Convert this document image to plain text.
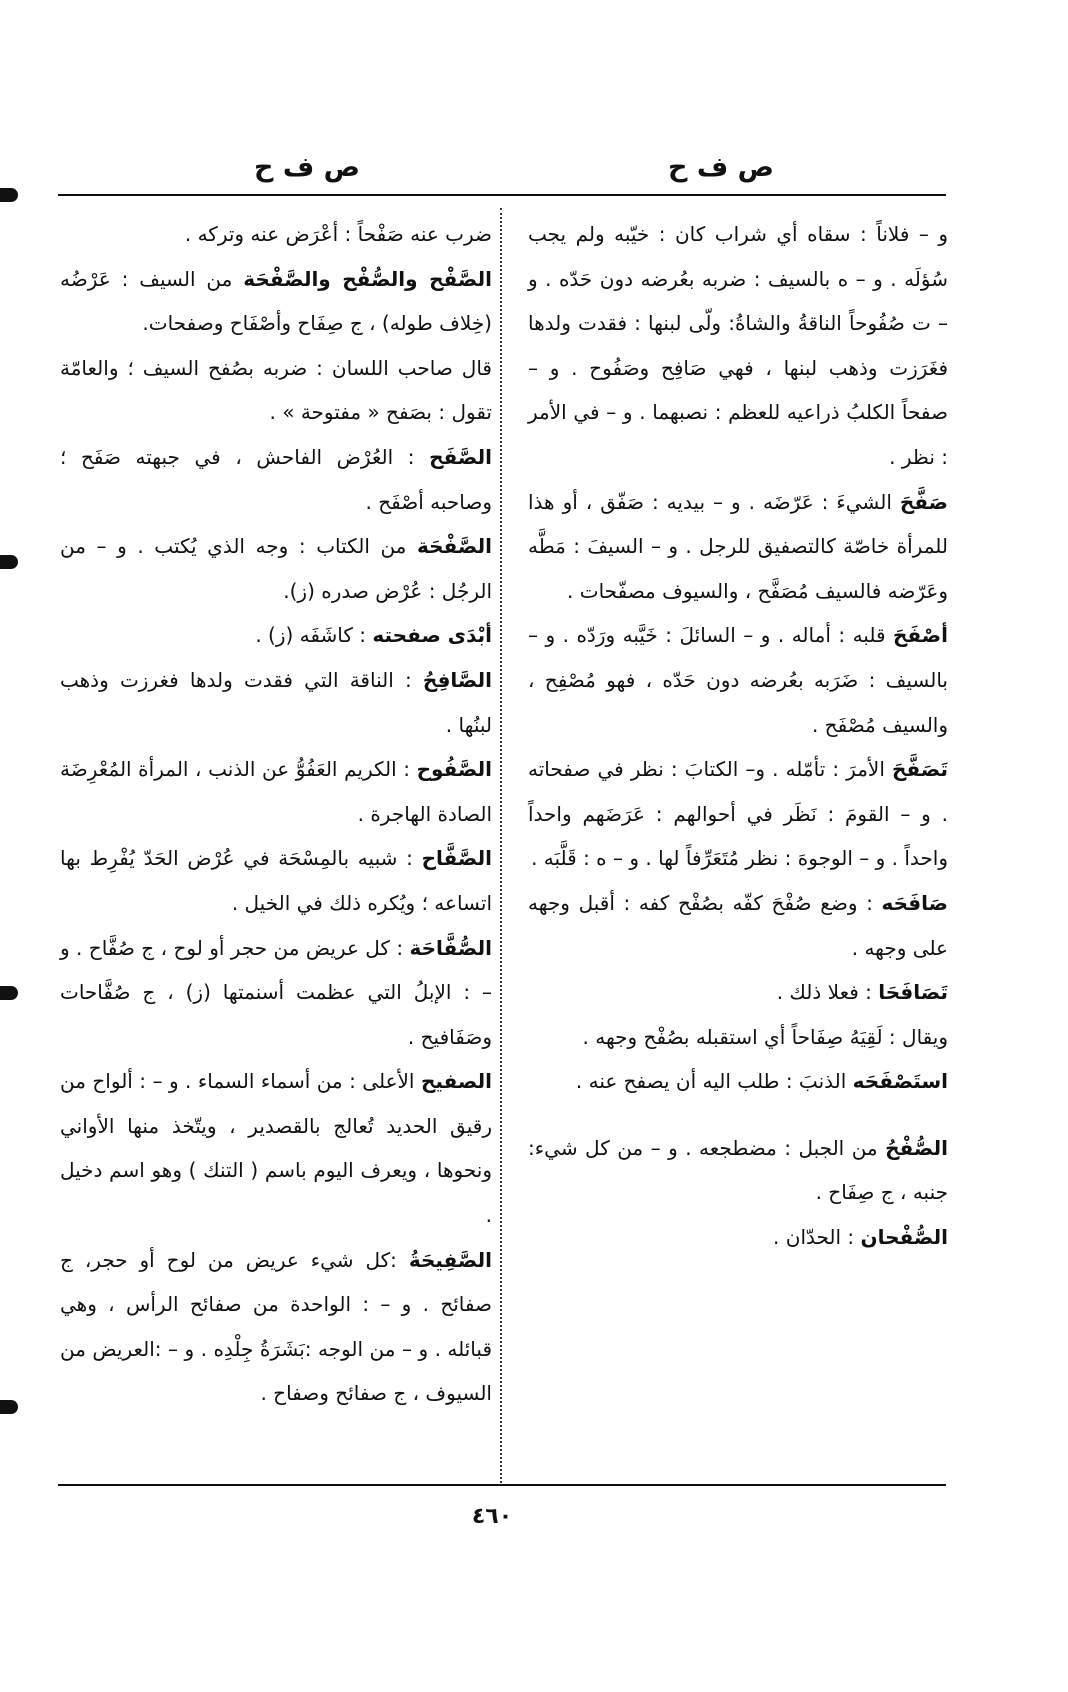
ص ف ح
ص ف ح

و – فلاناً : سقاه أي شراب كان : خيّبه ولم يجب سُؤلَه . و – ه بالسيف : ضربه بعُرضه دون حَدّه . و – ت صُفُوحاً الناقةُ والشاةُ: ولّى لبنها : فقدت ولدها فغَرَزت وذهب لبنها ، فهي صَافِح وصَفُوح . و – صفحاً الكلبُ ذراعيه للعظم : نصبهما . و – في الأمر : نظر .

صَفَّحَ الشيءَ : عَرّضَه . و – بيديه : صَفّق ، أو هذا للمرأة خاصّة كالتصفيق للرجل . و – السيفَ : مَطَّه وعَرّضه فالسيف مُصَفَّح ، والسيوف مصفّحات .

أصْفَحَ قلبه : أماله . و – السائلَ : خَيَّبه ورَدّه . و – بالسيف : ضَرَبه بعُرضه دون حَدّه ، فهو مُصْفِح ، والسيف مُصْفَح .

تَصَفَّحَ الأمرَ : تأمّله . و– الكتابَ : نظر في صفحاته . و – القومَ : نَظَر في أحوالهم : عَرَضَهم واحداً واحداً . و – الوجوهَ : نظر مُتَعَرِّفاً لها . و – ه : قَلَّبَه .

صَافَحَه : وضع صُفْحَ كفّه بصُفْح كفه : أقبل وجهه على وجهه .

تَصَافَحَا : فعلا ذلك .

ويقال : لَقِيَهُ صِفَاحاً أي استقبله بصُفْح وجهه .

استَصْفَحَه الذنبَ : طلب اليه أن يصفح عنه .

الصُّفْحُ من الجبل : مضطجعه . و – من كل شيء: جنبه ، ج صِفَاح .

الصُّفْحان : الحدّان .

ضرب عنه صَفْحاً : أعْرَض عنه وتركه .

الصَّفْح والصُّفْح والصَّفْحَة من السيف : عَرْضُه (خِلاف طوله) ، ج صِفَاح وأصْفَاح وصفحات.

قال صاحب اللسان : ضربه بصُفح السيف ؛ والعامّة تقول : بصَفح « مفتوحة » .

الصَّفَح : العُرْض الفاحش ، في جبهته صَفَح ؛ وصاحبه أصْفَح .

الصَّفْحَة من الكتاب : وجه الذي يُكتب . و – من الرجُل : عُرْض صدره (ز).

أبْدَى صفحته : كاشَفَه (ز) .

الصَّافِحُ : الناقة التي فقدت ولدها فغرزت وذهب لبنُها .

الصَّفُوح : الكريم العَفُوُّ عن الذنب ، المرأة المُعْرِضَة الصادة الهاجرة .

الصَّفَّاح : شبيه بالمِسْحَة في عُرْض الحَدّ يُفْرِط بها اتساعه ؛ ويُكره ذلك في الخيل .

الصُّفَّاحَة : كل عريض من حجر أو لوح ، ج صُفَّاح . و – : الإبلُ التي عظمت أسنمتها (ز) ، ج صُفَّاحات وصَفَافيح .

الصفيح الأعلى : من أسماء السماء . و – : ألواح من رقيق الحديد تُعالج بالقصدير ، ويتّخذ منها الأواني ونحوها ، ويعرف اليوم باسم ( التنك ) وهو اسم دخيل .

الصَّفِيحَةُ :كل شيء عريض من لوح أو حجر، ج صفائح . و – : الواحدة من صفائح الرأس ، وهي قبائله . و – من الوجه :بَشَرَةُ جِلْدِه . و – :العريض من السيوف ، ج صفائح وصفاح .

٤٦٠
